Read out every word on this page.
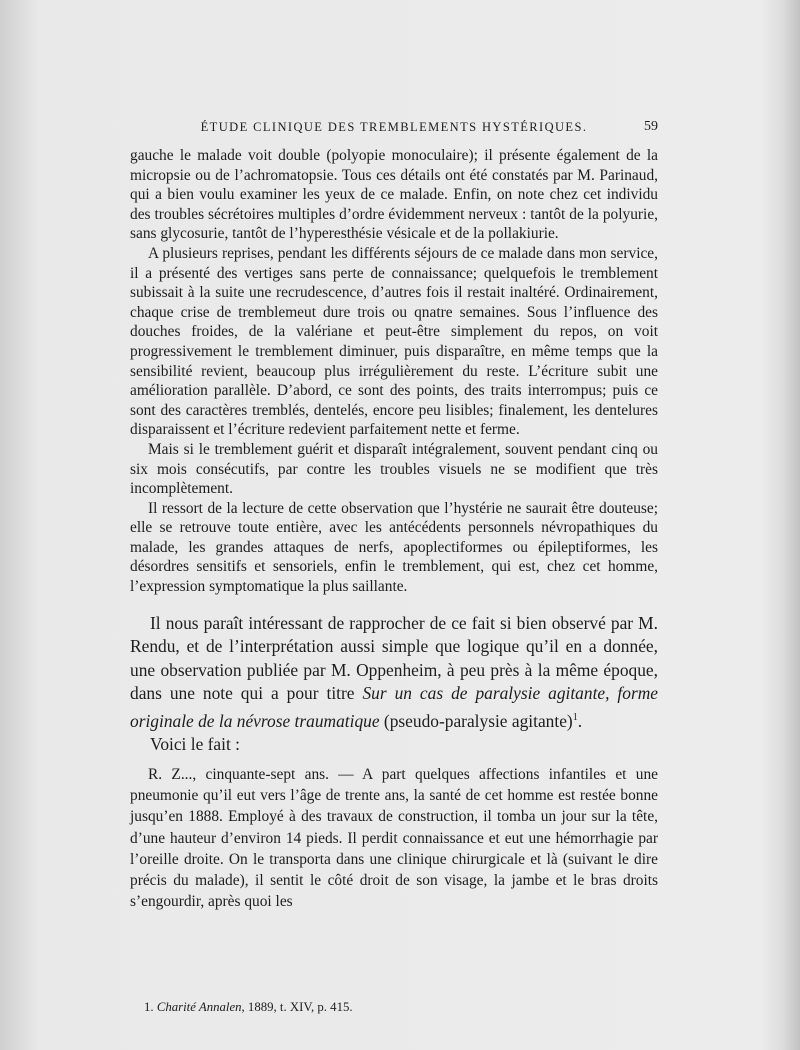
ÉTUDE CLINIQUE DES TREMBLEMENTS HYSTÉRIQUES.	59

gauche le malade voit double (polyopie monoculaire); il présente également de la micropsie ou de l’achromatopsie. Tous ces détails ont été constatés par M. Parinaud, qui a bien voulu examiner les yeux de ce malade. Enfin, on note chez cet individu des troubles sécrétoires multiples d’ordre évidemment nerveux : tantôt de la polyurie, sans glycosurie, tantôt de l’hyperesthésie vésicale et de la pollakiurie.

A plusieurs reprises, pendant les différents séjours de ce malade dans mon service, il a présenté des vertiges sans perte de connaissance; quelquefois le tremblement subissait à la suite une recrudescence, d’autres fois il restait inaltéré. Ordinairement, chaque crise de tremblemeut dure trois ou qnatre semaines. Sous l’influence des douches froides, de la valériane et peut-être simplement du repos, on voit progressivement le tremblement diminuer, puis disparaître, en même temps que la sensibilité revient, beaucoup plus irrégulièrement du reste. L’écriture subit une amélioration parallèle. D’abord, ce sont des points, des traits interrompus; puis ce sont des caractères tremblés, dentelés, encore peu lisibles; finalement, les dentelures disparaissent et l’écriture redevient parfaitement nette et ferme.

Mais si le tremblement guérit et disparaît intégralement, souvent pendant cinq ou six mois consécutifs, par contre les troubles visuels ne se modifient que très incomplètement.

Il ressort de la lecture de cette observation que l’hystérie ne saurait être douteuse; elle se retrouve toute entière, avec les antécédents personnels névropathiques du malade, les grandes attaques de nerfs, apoplectiformes ou épileptiformes, les désordres sensitifs et sensoriels, enfin le tremblement, qui est, chez cet homme, l’expression symptomatique la plus saillante.

Il nous paraît intéressant de rapprocher de ce fait si bien observé par M. Rendu, et de l’interprétation aussi simple que logique qu’il en a donnée, une observation publiée par M. Oppenheim, à peu près à la même époque, dans une note qui a pour titre Sur un cas de paralysie agitante, forme originale de la névrose traumatique (pseudo-paralysie agitante)$^1$.

Voici le fait :

R. Z..., cinquante-sept ans. — A part quelques affections infantiles et une pneumonie qu’il eut vers l’âge de trente ans, la santé de cet homme est restée bonne jusqu’en 1888. Employé à des travaux de construction, il tomba un jour sur la tête, d’une hauteur d’environ 14 pieds. Il perdit connaissance et eut une hémorrhagie par l’oreille droite. On le transporta dans une clinique chirurgicale et là (suivant le dire précis du malade), il sentit le côté droit de son visage, la jambe et le bras droits s’engourdir, après quoi les

1. Charité Annalen, 1889, t. XIV, p. 415.
